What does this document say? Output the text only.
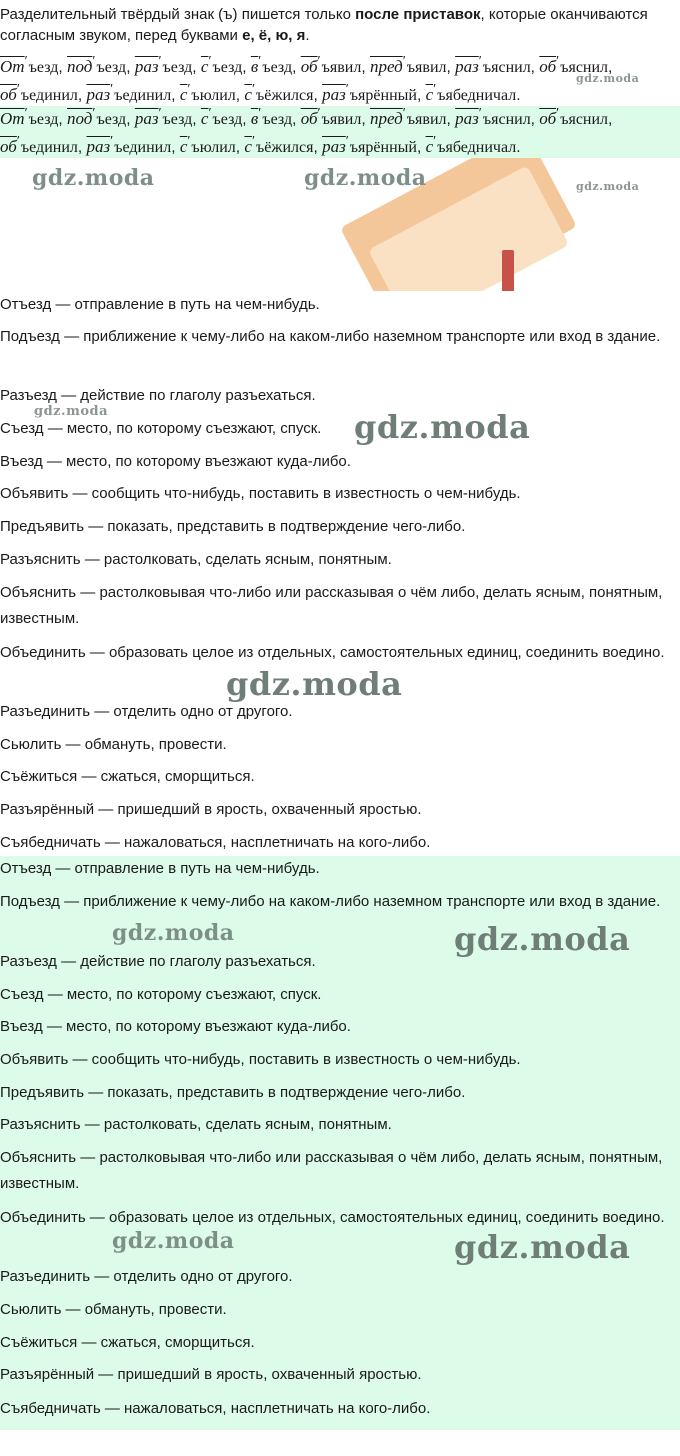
Разделительный твёрдый знак (ъ) пишется только после приставок, которые оканчиваются согласным звуком, перед буквами е, ё, ю, я.
От′ъезд, под′ъезд, раз′ъезд, с′ъезд, в′ъезд, об′ъявил, пред′ъявил, раз′ъяснил, об′ъяснил, об′ъединил, раз′ъединил, с′ъюлил, с′ъёжился, раз′ъярённый, с′ъябедничал.
От′ъезд, под′ъезд, раз′ъезд, с′ъезд, в′ъезд, об′ъявил, пред′ъявил, раз′ъяснил, об′ъяснил, об′ъединил, раз′ъединил, с′ъюлил, с′ъёжился, раз′ъярённый, с′ъябедничал.
Отъезд — отправление в путь на чем-нибудь.
Подъезд — приближение к чему-либо на каком-либо наземном транспорте или вход в здание.
Разъезд — действие по глаголу разъехаться.
Съезд — место, по которому съезжают, спуск.
Въезд — место, по которому въезжают куда-либо.
Объявить — сообщить что-нибудь, поставить в известность о чем-нибудь.
Предъявить — показать, представить в подтверждение чего-либо.
Разъяснить — растолковать, сделать ясным, понятным.
Объяснить — растолковывая что-либо или рассказывая о чём либо, делать ясным, понятным, известным.
Объединить — образовать целое из отдельных, самостоятельных единиц, соединить воедино.
Разъединить — отделить одно от другого.
Сьюлить — обмануть, провести.
Съёжиться — сжаться, сморщиться.
Разъярённый — пришедший в ярость, охваченный яростью.
Съябедничать — нажаловаться, насплетничать на кого-либо.
Отъезд — отправление в путь на чем-нибудь.
Подъезд — приближение к чему-либо на каком-либо наземном транспорте или вход в здание.
Разъезд — действие по глаголу разъехаться.
Съезд — место, по которому съезжают, спуск.
Въезд — место, по которому въезжают куда-либо.
Объявить — сообщить что-нибудь, поставить в известность о чем-нибудь.
Предъявить — показать, представить в подтверждение чего-либо.
Разъяснить — растолковать, сделать ясным, понятным.
Объяснить — растолковывая что-либо или рассказывая о чём либо, делать ясным, понятным, известным.
Объединить — образовать целое из отдельных, самостоятельных единиц, соединить воедино.
Разъединить — отделить одно от другого.
Сьюлить — обмануть, провести.
Съёжиться — сжаться, сморщиться.
Разъярённый — пришедший в ярость, охваченный яростью.
Съябедничать — нажаловаться, насплетничать на кого-либо.
gdz.moda
gdz.moda	gdz.moda	gdz.moda
gdz.moda	gdz.moda
gdz.moda
gdz.moda	gdz.moda
gdz.moda	gdz.moda
